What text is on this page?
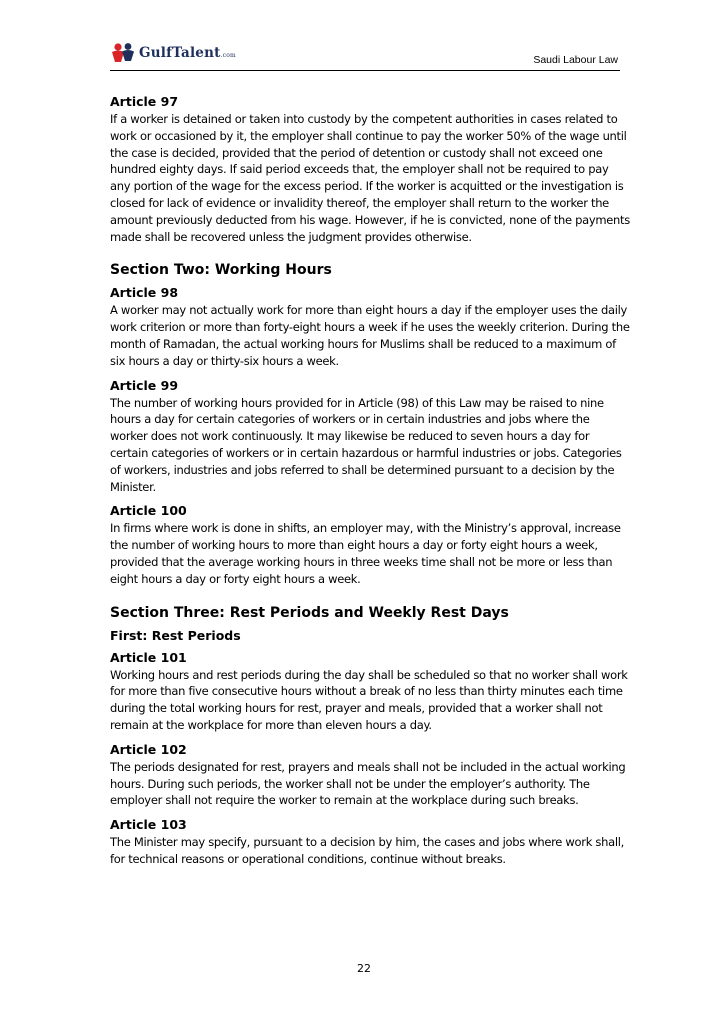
GulfTalent.com	Saudi Labour Law
Article 97

If a worker is detained or taken into custody by the competent authorities in cases related to work or occasioned by it, the employer shall continue to pay the worker 50% of the wage until the case is decided, provided that the period of detention or custody shall not exceed one hundred eighty days. If said period exceeds that, the employer shall not be required to pay any portion of the wage for the excess period. If the worker is acquitted or the investigation is closed for lack of evidence or invalidity thereof, the employer shall return to the worker the amount previously deducted from his wage. However, if he is convicted, none of the payments made shall be recovered unless the judgment provides otherwise.

Section Two: Working Hours
Article 98

A worker may not actually work for more than eight hours a day if the employer uses the daily work criterion or more than forty-eight hours a week if he uses the weekly criterion. During the month of Ramadan, the actual working hours for Muslims shall be reduced to a maximum of six hours a day or thirty-six hours a week.

Article 99

The number of working hours provided for in Article (98) of this Law may be raised to nine hours a day for certain categories of workers or in certain industries and jobs where the worker does not work continuously. It may likewise be reduced to seven hours a day for certain categories of workers or in certain hazardous or harmful industries or jobs. Categories of workers, industries and jobs referred to shall be determined pursuant to a decision by the Minister.

Article 100

In firms where work is done in shifts, an employer may, with the Ministry’s approval, increase the number of working hours to more than eight hours a day or forty eight hours a week, provided that the average working hours in three weeks time shall not be more or less than eight hours a day or forty eight hours a week.

Section Three: Rest Periods and Weekly Rest Days
First: Rest Periods
Article 101

Working hours and rest periods during the day shall be scheduled so that no worker shall work for more than five consecutive hours without a break of no less than thirty minutes each time during the total working hours for rest, prayer and meals, provided that a worker shall not remain at the workplace for more than eleven hours a day.

Article 102

The periods designated for rest, prayers and meals shall not be included in the actual working hours. During such periods, the worker shall not be under the employer’s authority. The employer shall not require the worker to remain at the workplace during such breaks.

Article 103

The Minister may specify, pursuant to a decision by him, the cases and jobs where work shall, for technical reasons or operational conditions, continue without breaks.

22
